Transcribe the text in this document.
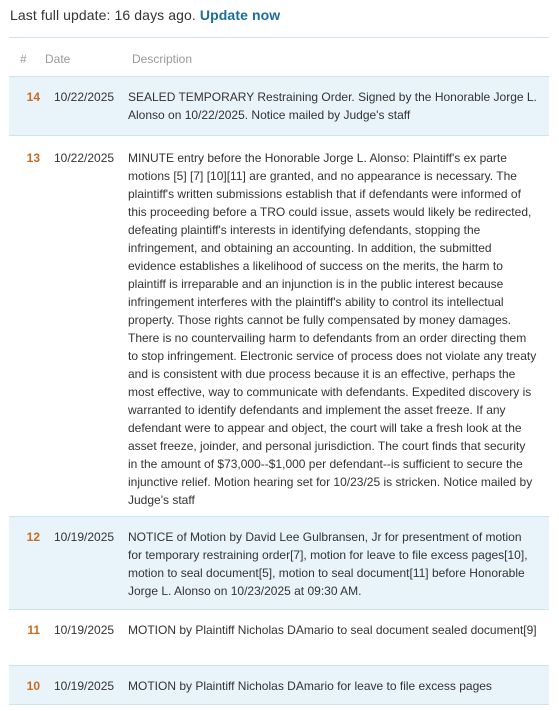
Last full update: 16 days ago. Update now
# Date	Description
14 10/22/2025 SEALED TEMPORARY Restraining Order. Signed by the Honorable Jorge L. Alonso on 10/22/2025. Notice mailed by Judge's staff
13 10/22/2025 MINUTE entry before the Honorable Jorge L. Alonso: Plaintiff's ex parte motions [5] [7] [10][11] are granted, and no appearance is necessary. The plaintiff's written submissions establish that if defendants were informed of this proceeding before a TRO could issue, assets would likely be redirected, defeating plaintiff's interests in identifying defendants, stopping the infringement, and obtaining an accounting. In addition, the submitted evidence establishes a likelihood of success on the merits, the harm to plaintiff is irreparable and an injunction is in the public interest because infringement interferes with the plaintiff's ability to control its intellectual property. Those rights cannot be fully compensated by money damages. There is no countervailing harm to defendants from an order directing them to stop infringement. Electronic service of process does not violate any treaty and is consistent with due process because it is an effective, perhaps the most effective, way to communicate with defendants. Expedited discovery is warranted to identify defendants and implement the asset freeze. If any defendant were to appear and object, the court will take a fresh look at the asset freeze, joinder, and personal jurisdiction. The court finds that security in the amount of $73,000--$1,000 per defendant--is sufficient to secure the injunctive relief. Motion hearing set for 10/23/25 is stricken. Notice mailed by Judge's staff
12 10/19/2025 NOTICE of Motion by David Lee Gulbransen, Jr for presentment of motion for temporary restraining order[7], motion for leave to file excess pages[10], motion to seal document[5], motion to seal document[11] before Honorable Jorge L. Alonso on 10/23/2025 at 09:30 AM.
11 10/19/2025 MOTION by Plaintiff Nicholas DAmario to seal document sealed document[9]
10 10/19/2025 MOTION by Plaintiff Nicholas DAmario for leave to file excess pages
